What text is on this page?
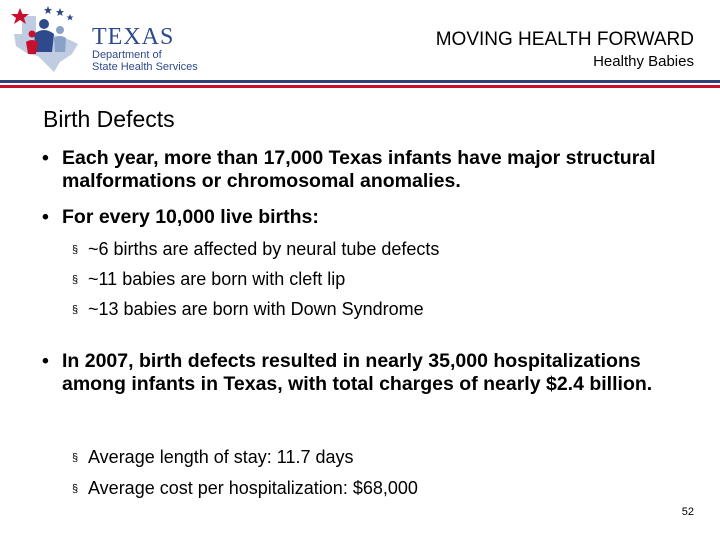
TEXAS
Department of
State Health Services
MOVING HEALTH FORWARD
Healthy Babies
Birth Defects
• Each year, more than 17,000 Texas infants have major structural malformations or chromosomal anomalies.
• For every 10,000 live births:
§ ~6 births are affected by neural tube defects
§ ~11 babies are born with cleft lip
§ ~13 babies are born with Down Syndrome
• In 2007, birth defects resulted in nearly 35,000 hospitalizations among infants in Texas, with total charges of nearly $2.4 billion.
§ Average length of stay: 11.7 days
§ Average cost per hospitalization: $68,000
52
